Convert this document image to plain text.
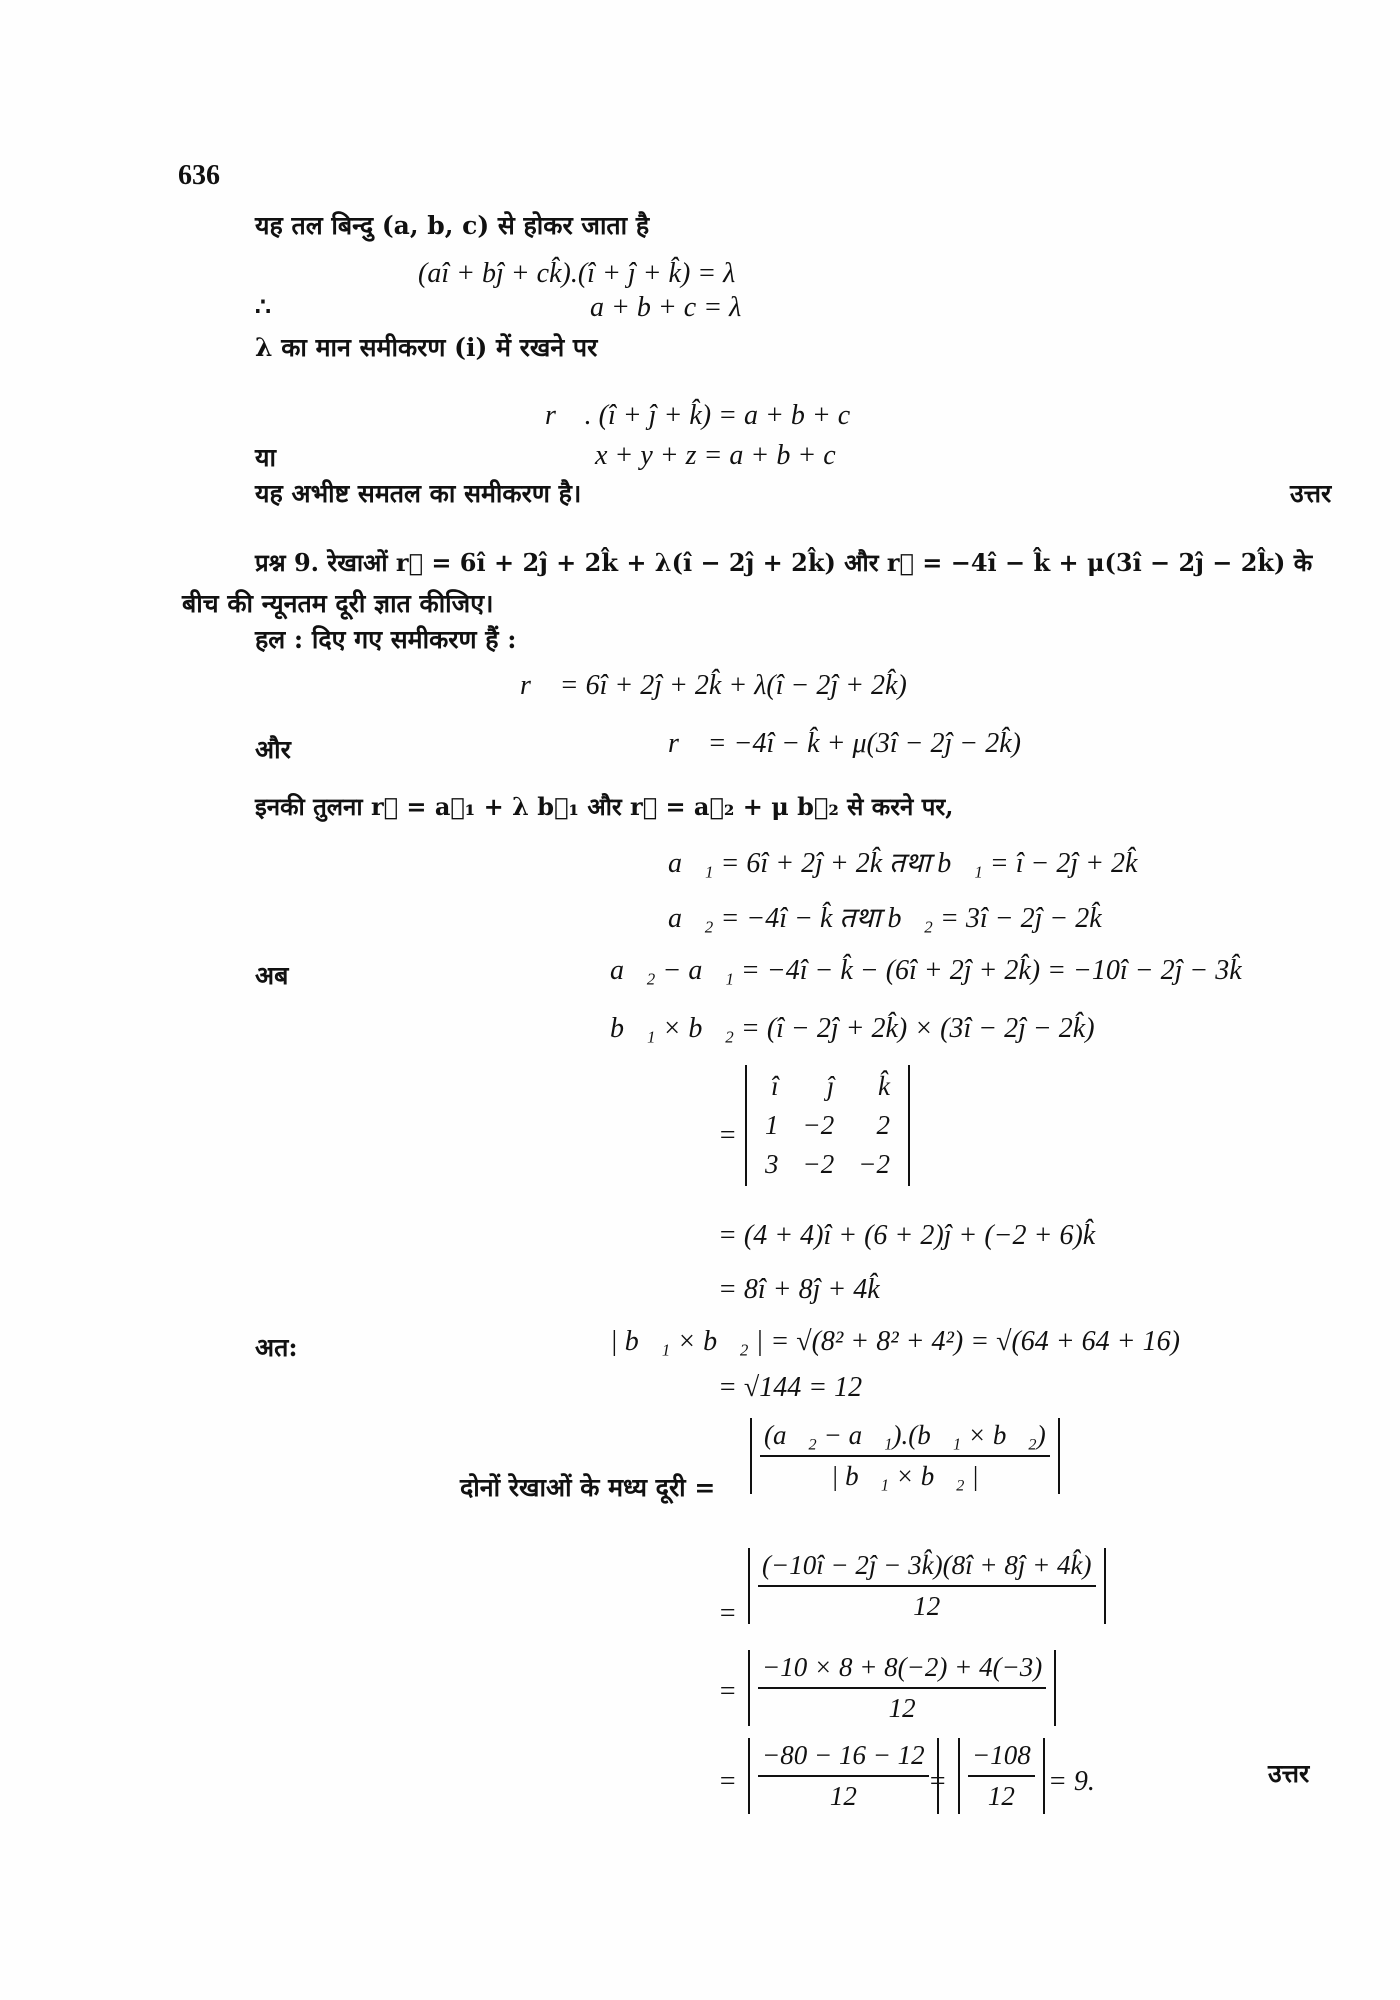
636
यह तल बिन्दु (a, b, c) से होकर जाता है
(aî + bĵ + ck̂).(î + ĵ + k̂) = λ
∴	a + b + c = λ
λ का मान समीकरण (i) में रखने पर
r⃗ . (î + ĵ + k̂) = a + b + c
या	x + y + z = a + b + c
यह अभीष्ट समतल का समीकरण है।	उत्तर
प्रश्न 9. रेखाओं r⃗ = 6î + 2ĵ + 2k̂ + λ(î − 2ĵ + 2k̂) और r⃗ = −4î − k̂ + μ(3î − 2ĵ − 2k̂) के
बीच की न्यूनतम दूरी ज्ञात कीजिए।
हल : दिए गए समीकरण हैं :
r⃗ = 6î + 2ĵ + 2k̂ + λ(î − 2ĵ + 2k̂)
और	r⃗ = −4î − k̂ + μ(3î − 2ĵ − 2k̂)
इनकी तुलना r⃗ = a⃗₁ + λ b⃗₁ और r⃗ = a⃗₂ + μ b⃗₂ से करने पर,
a⃗₁ = 6î + 2ĵ + 2k̂ तथा b⃗₁ = î − 2ĵ + 2k̂
a⃗₂ = −4î − k̂ तथा b⃗₂ = 3î − 2ĵ − 2k̂
अब	a⃗₂ − a⃗₁ = −4î − k̂ − (6î + 2ĵ + 2k̂) = −10î − 2ĵ − 3k̂
b⃗₁ × b⃗₂ = (î − 2ĵ + 2k̂) × (3î − 2ĵ − 2k̂)
=
î	ĵ	k̂
1	−2	2
3	−2	−2
= (4 + 4)î + (6 + 2)ĵ + (−2 + 6)k̂
= 8î + 8ĵ + 4k̂
अत:	| b⃗₁ × b⃗₂ | = √(8² + 8² + 4²) = √(64 + 64 + 16)
= √144 = 12
दोनों रेखाओं के मध्य दूरी = $\frac{\text{(a⃗₂ − a⃗₁).(b⃗₁ × b⃗₂)}}{\text{| b⃗₁ × b⃗₂ |}}$
= $\frac{(-10î - 2ĵ - 3k̂)(8î + 8ĵ + 4k̂)}{12}$
= $\frac{-10 \times 8 + 8(-2) + 4(-3)}{12}$
= $\frac{-80 - 16 - 12}{12}$
= $\frac{-108}{12} = 9$.	उत्तर
